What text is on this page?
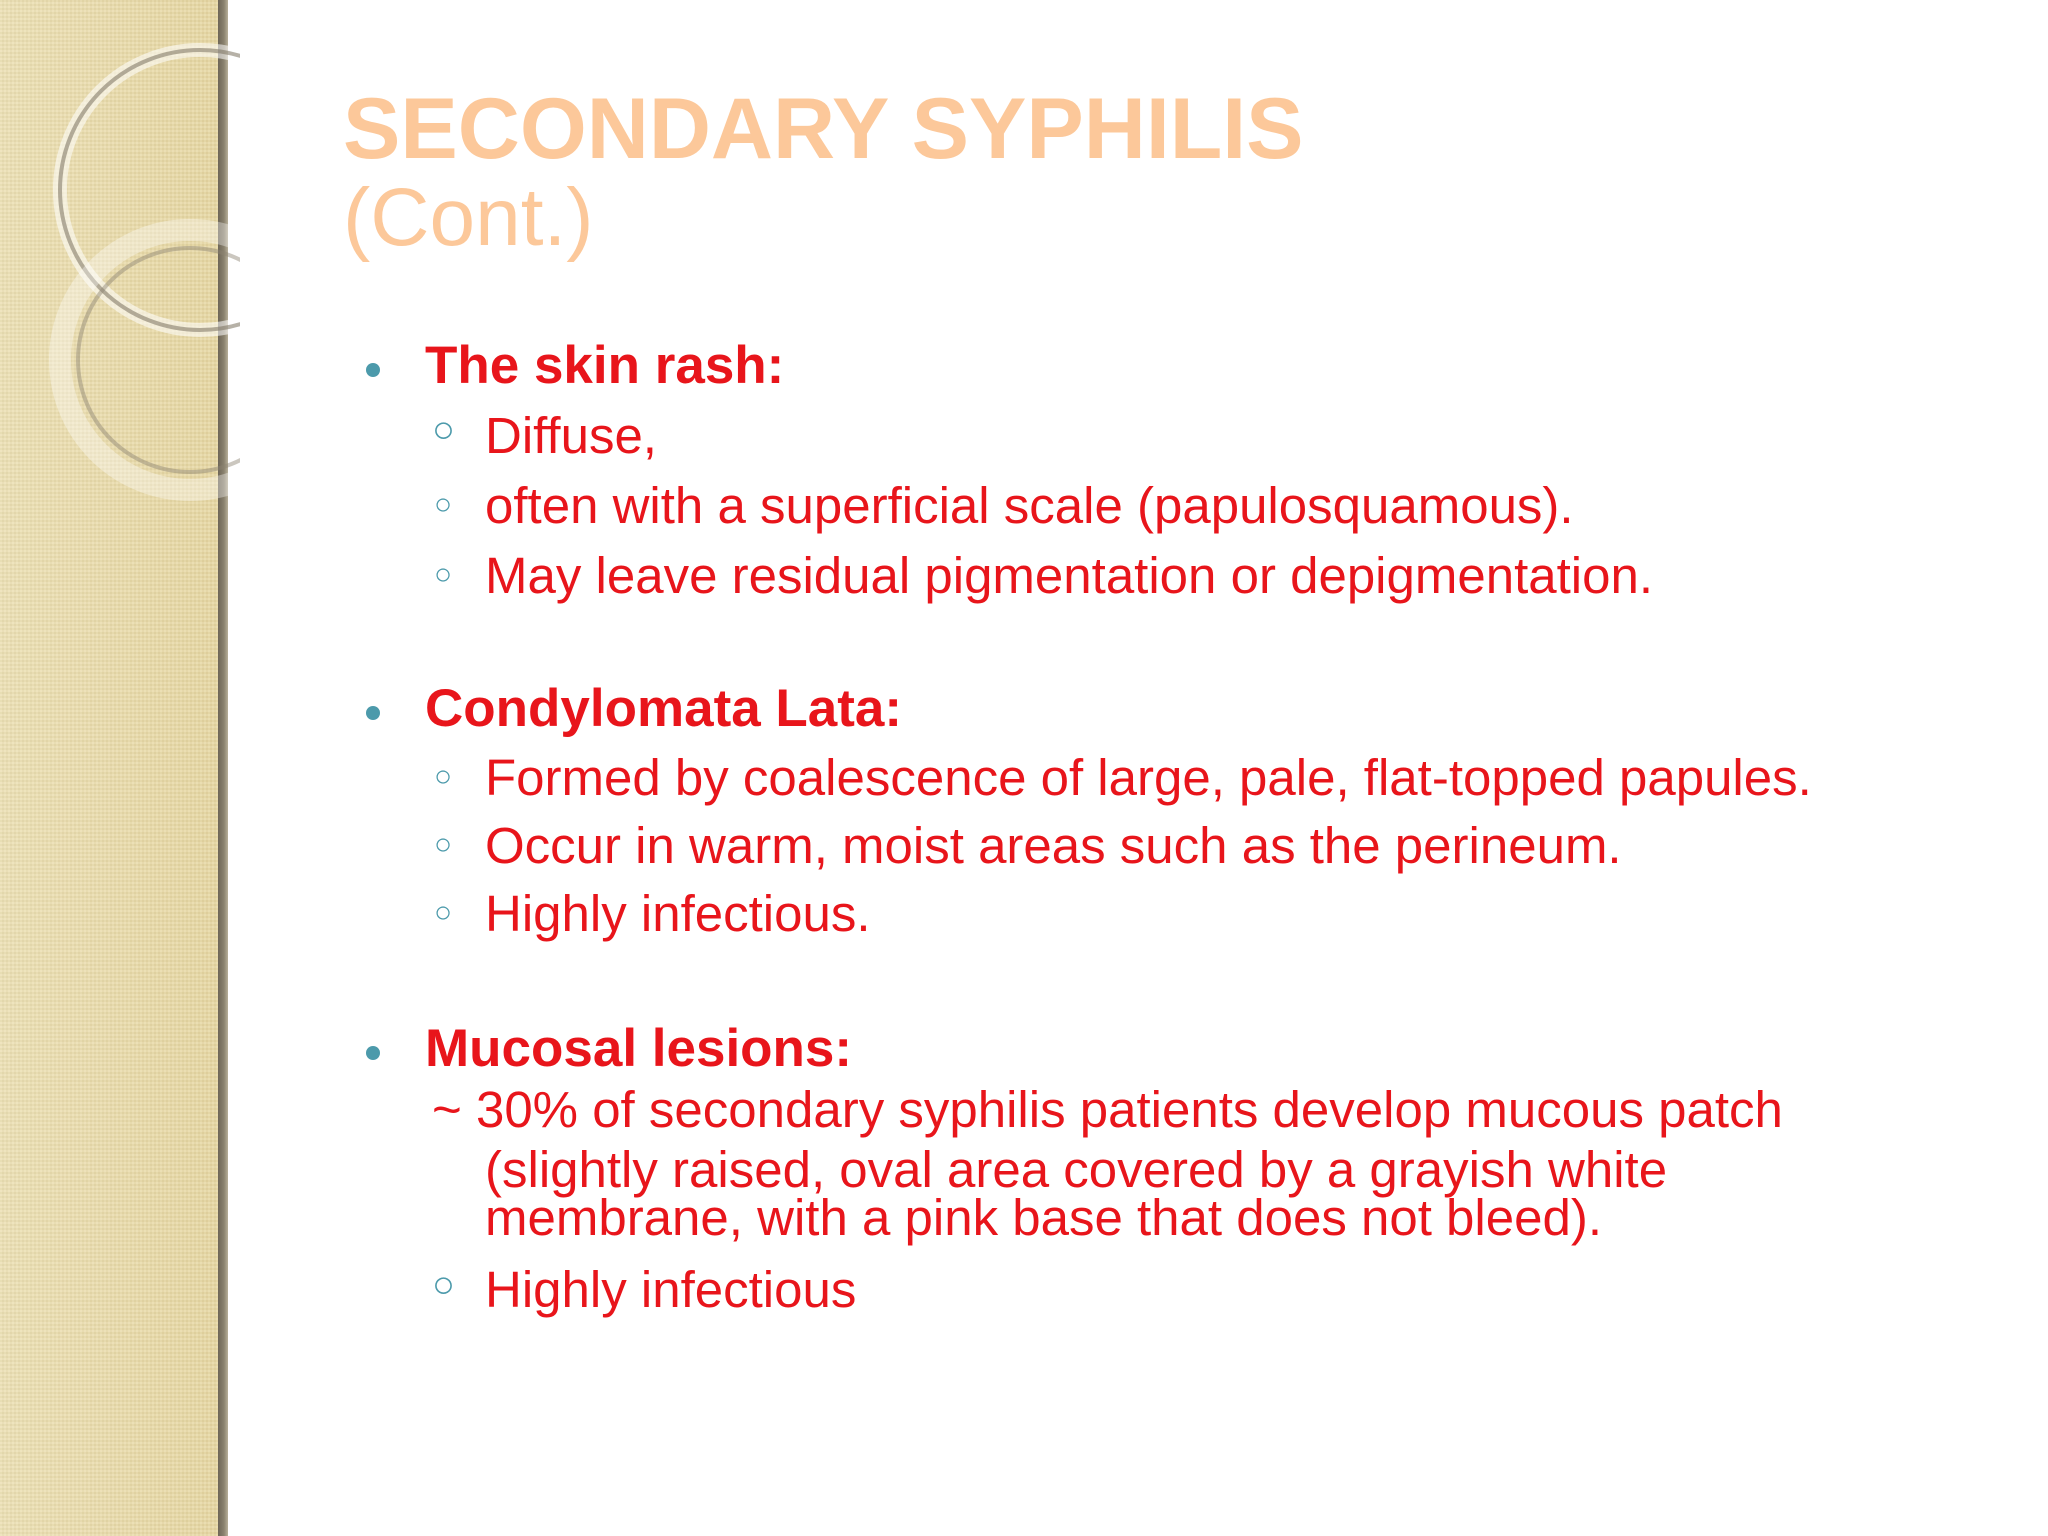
SECONDARY SYPHILIS
(Cont.)
The skin rash:
○ Diffuse,
○ often with a superficial scale (papulosquamous).
○ May leave residual pigmentation or depigmentation.
Condylomata Lata:
○ Formed by coalescence of large, pale, flat-topped papules.
○ Occur in warm, moist areas such as the perineum.
○ Highly infectious.
Mucosal lesions:
~ 30% of secondary syphilis patients develop mucous patch
(slightly raised, oval area covered by a grayish white
membrane, with a pink base that does not bleed).
○ Highly infectious
